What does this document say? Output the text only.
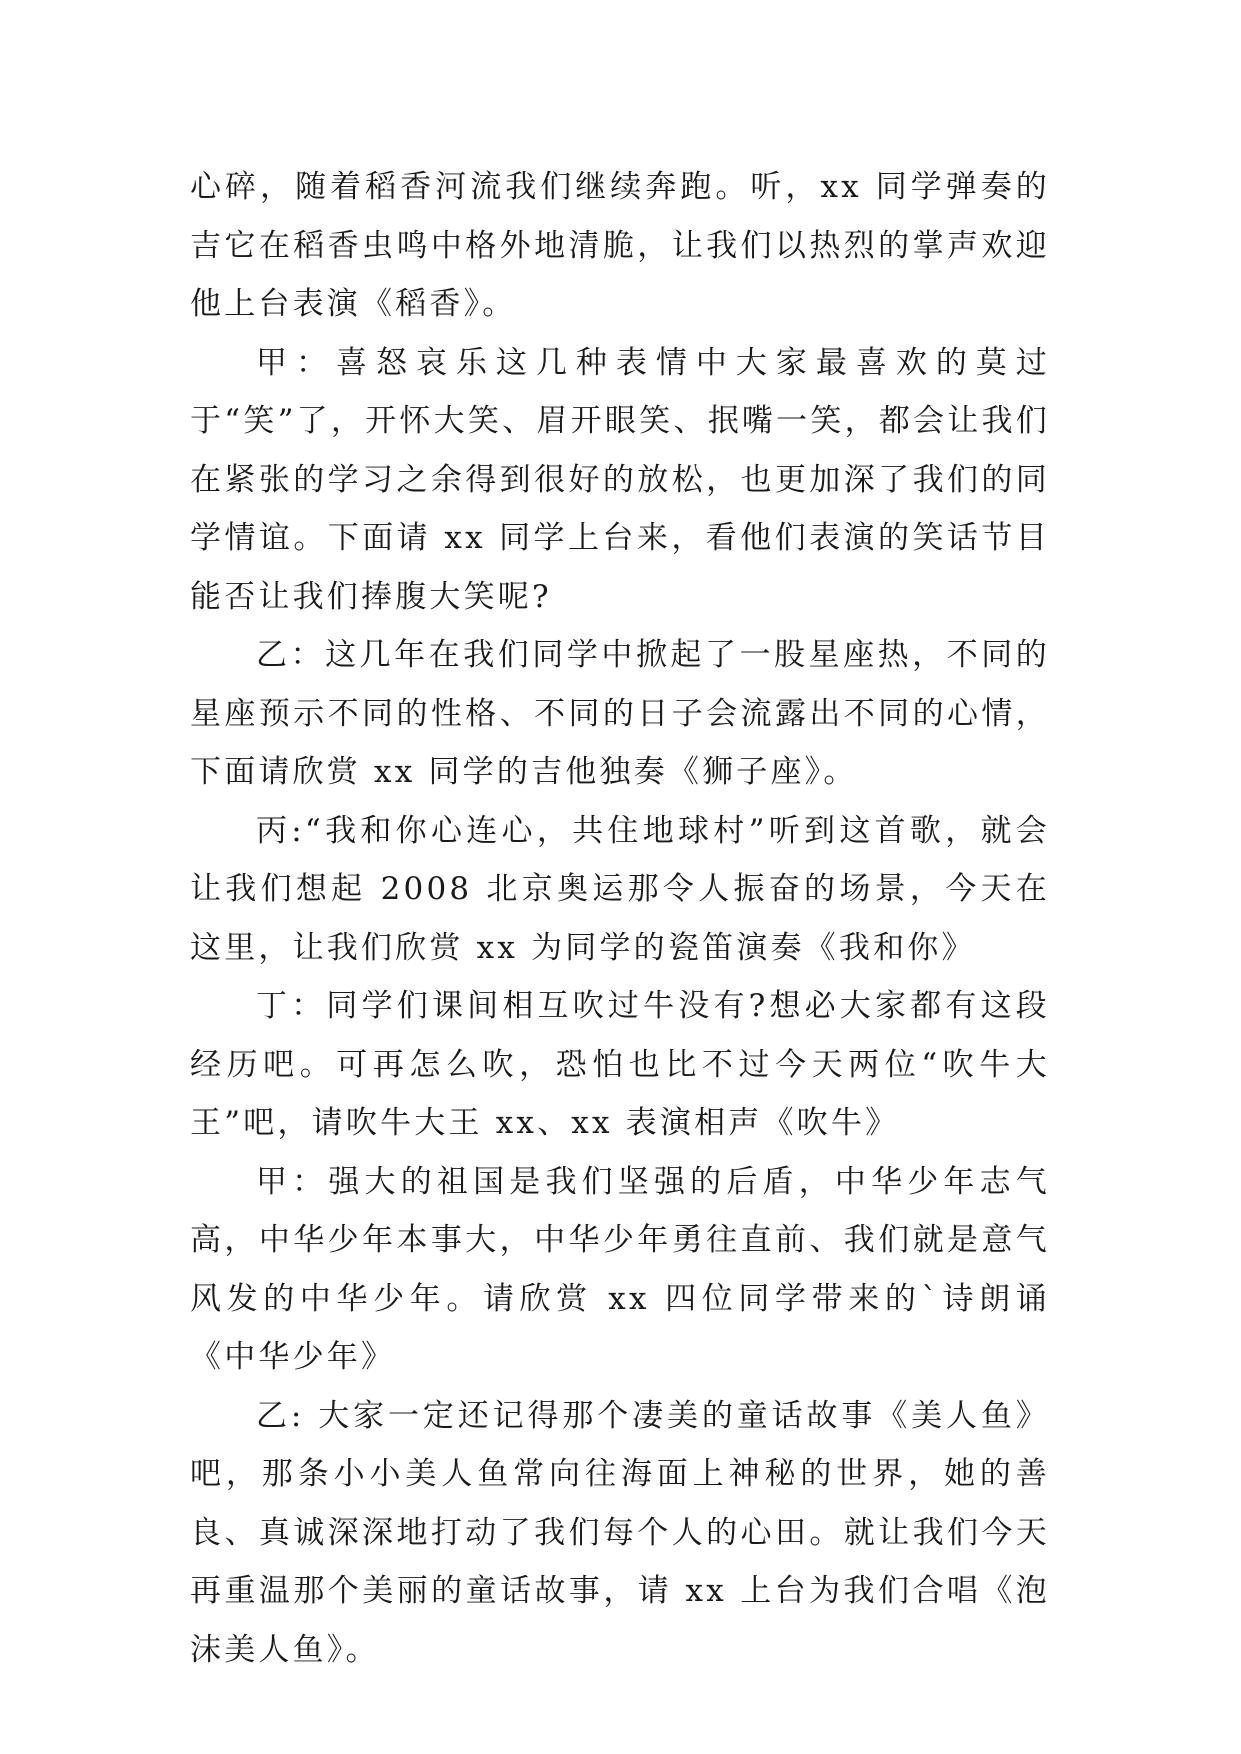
心碎，随着稻香河流我们继续奔跑。听，xx 同学弹奏的吉它在稻香虫鸣中格外地清脆，让我们以热烈的掌声欢迎他上台表演《稻香》。

甲：喜怒哀乐这几种表情中大家最喜欢的莫过于“笑”了，开怀大笑、眉开眼笑、抿嘴一笑，都会让我们在紧张的学习之余得到很好的放松，也更加深了我们的同学情谊。下面请 xx 同学上台来，看他们表演的笑话节目能否让我们捧腹大笑呢?

乙：这几年在我们同学中掀起了一股星座热，不同的星座预示不同的性格、不同的日子会流露出不同的心情，下面请欣赏 xx 同学的吉他独奏《狮子座》。

丙:“我和你心连心，共住地球村”听到这首歌，就会让我们想起 2008 北京奥运那令人振奋的场景，今天在这里，让我们欣赏 xx 为同学的瓷笛演奏《我和你》

丁：同学们课间相互吹过牛没有?想必大家都有这段经历吧。可再怎么吹，恐怕也比不过今天两位“吹牛大王”吧，请吹牛大王 xx、xx 表演相声《吹牛》

甲：强大的祖国是我们坚强的后盾，中华少年志气高，中华少年本事大，中华少年勇往直前、我们就是意气风发的中华少年。请欣赏 xx 四位同学带来的`诗朗诵《中华少年》

乙: 大家一定还记得那个凄美的童话故事《美人鱼》吧，那条小小美人鱼常向往海面上神秘的世界，她的善良、真诚深深地打动了我们每个人的心田。就让我们今天再重温那个美丽的童话故事，请 xx 上台为我们合唱《泡沫美人鱼》。
